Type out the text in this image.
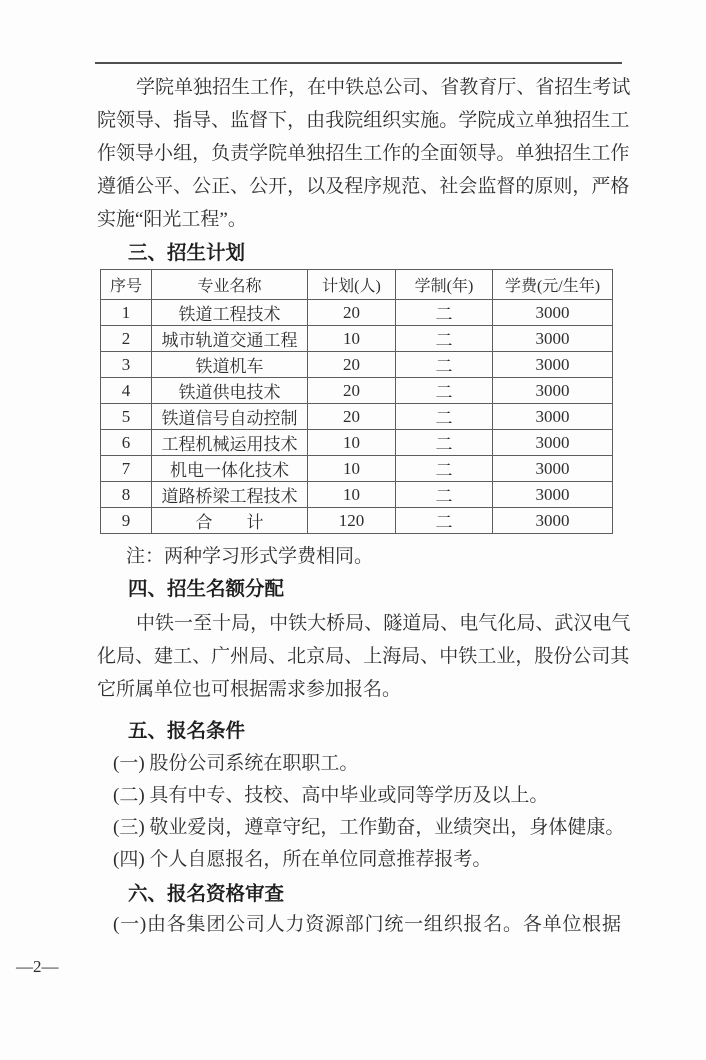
学 院 单 独 招 生 工 作 ， 在 中 铁 总 公 司 、 省 教 育 厅 、 省 招 生 考 试
院 领 导 、 指 导 、 监 督 下 ， 由 我 院 组 织 实 施 。 学 院 成 立 单 独 招 生 工
作 领 导 小 组 ， 负 责 学 院 单 独 招 生 工 作 的 全 面 领 导 。 单 独 招 生 工 作
遵 循 公 平 、 公 正 、 公 开 ， 以 及 程 序 规 范 、 社 会 监 督 的 原 则 ， 严 格
实施“阳光工程”。
三、招生计划
序号	专业名称	计划(人)	学制(年)	学费(元/生年)
1	铁道工程技术	20	二	3000
2	城市轨道交通工程	10	二	3000
3	铁道机车	20	二	3000
4	铁道供电技术	20	二	3000
5	铁道信号自动控制	20	二	3000
6	工程机械运用技术	10	二	3000
7	机电一体化技术	10	二	3000
8	道路桥梁工程技术	10	二	3000
9	合　　计	120	二	3000
注：两种学习形式学费相同。
四、招生名额分配
中 铁 一 至 十 局 ， 中 铁 大 桥 局 、 隧 道 局 、 电 气 化 局 、 武 汉 电 气
化 局 、 建 工 、 广 州 局 、 北 京 局 、 上 海 局 、 中 铁 工 业 ， 股 份 公 司 其
它所属单位也可根据需求参加报名。
五、报名条件
(一) 股份公司系统在职职工。
(二) 具有中专、技校、高中毕业或同等学历及以上。
(三) 敬业爱岗，遵章守纪，工作勤奋，业绩突出，身体健康。
(四) 个人自愿报名，所在单位同意推荐报考。
六、报名资格审查
( 一 ) 由 各 集 团 公 司 人 力 资 源 部 门 统 一 组 织 报 名 。 各 单 位 根 据
—2—
